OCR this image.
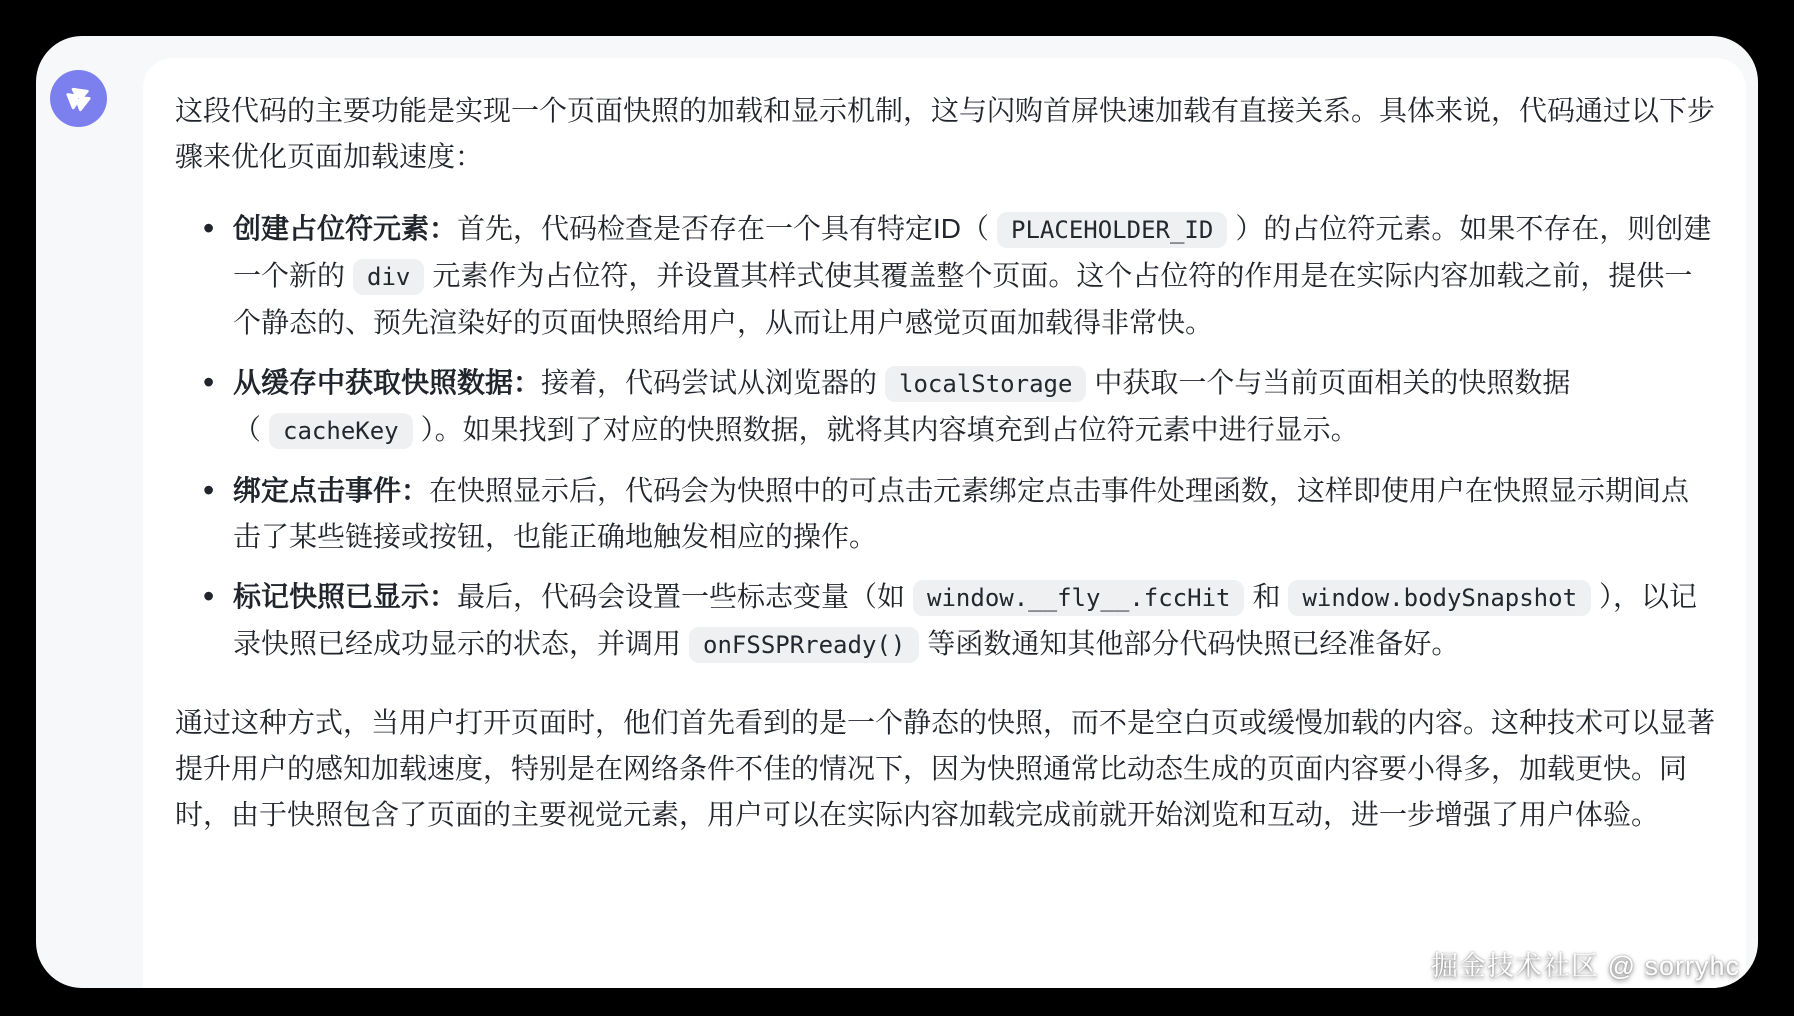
这段代码的主要功能是实现一个页面快照的加载和显示机制，这与闪购首屏快速加载有直接关系。具体来说，代码通过以下步骤来优化页面加载速度：

• 创建占位符元素：首先，代码检查是否存在一个具有特定ID（ PLACEHOLDER_ID ）的占位符元素。如果不存在，则创建一个新的 div 元素作为占位符，并设置其样式使其覆盖整个页面。这个占位符的作用是在实际内容加载之前，提供一个静态的、预先渲染好的页面快照给用户，从而让用户感觉页面加载得非常快。
• 从缓存中获取快照数据：接着，代码尝试从浏览器的 localStorage 中获取一个与当前页面相关的快照数据（ cacheKey ）。如果找到了对应的快照数据，就将其内容填充到占位符元素中进行显示。
• 绑定点击事件：在快照显示后，代码会为快照中的可点击元素绑定点击事件处理函数，这样即使用户在快照显示期间点击了某些链接或按钮，也能正确地触发相应的操作。
• 标记快照已显示：最后，代码会设置一些标志变量（如 window.__fly__.fccHit 和 window.bodySnapshot ），以记录快照已经成功显示的状态，并调用 onFSSPRready() 等函数通知其他部分代码快照已经准备好。

通过这种方式，当用户打开页面时，他们首先看到的是一个静态的快照，而不是空白页或缓慢加载的内容。这种技术可以显著提升用户的感知加载速度，特别是在网络条件不佳的情况下，因为快照通常比动态生成的页面内容要小得多，加载更快。同时，由于快照包含了页面的主要视觉元素，用户可以在实际内容加载完成前就开始浏览和互动，进一步增强了用户体验。

掘金技术社区 @ sorryhc
